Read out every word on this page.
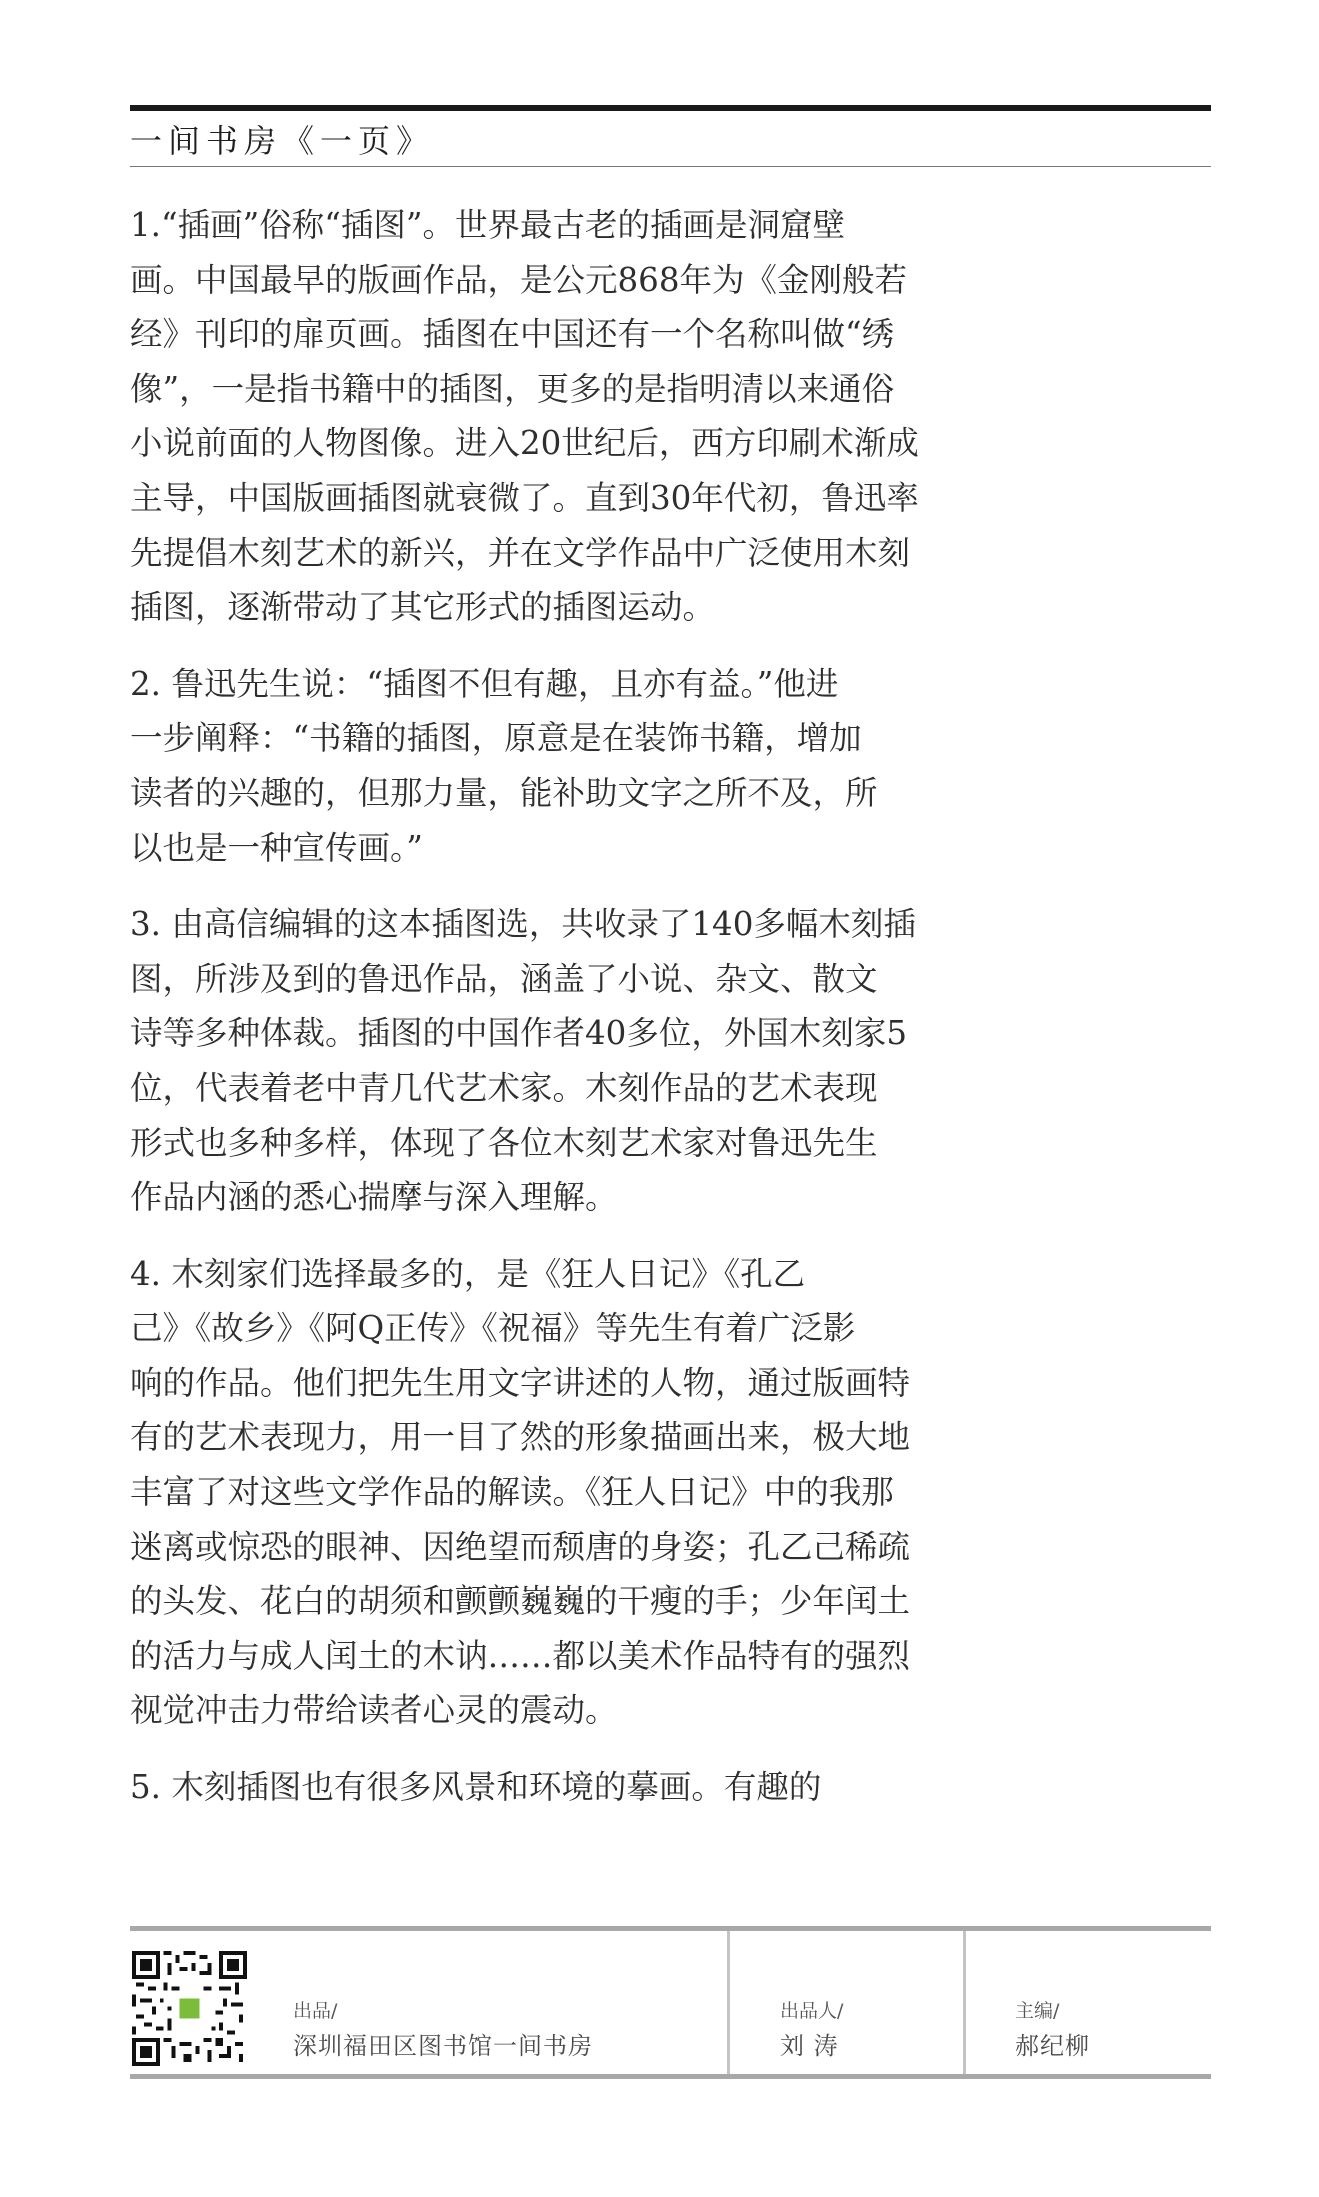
一间书房《一页》

1.“插画”俗称“插图”。世界最古老的插画是洞窟壁
画。中国最早的版画作品，是公元868年为《金刚般若
经》刊印的扉页画。插图在中国还有一个名称叫做“绣
像”，一是指书籍中的插图，更多的是指明清以来通俗
小说前面的人物图像。进入20世纪后，西方印刷术渐成
主导，中国版画插图就衰微了。直到30年代初，鲁迅率
先提倡木刻艺术的新兴，并在文学作品中广泛使用木刻
插图，逐渐带动了其它形式的插图运动。

2. 鲁迅先生说：“插图不但有趣，且亦有益。”他进
一步阐释：“书籍的插图，原意是在装饰书籍，增加
读者的兴趣的，但那力量，能补助文字之所不及，所
以也是一种宣传画。”

3. 由高信编辑的这本插图选，共收录了140多幅木刻插
图，所涉及到的鲁迅作品，涵盖了小说、杂文、散文
诗等多种体裁。插图的中国作者40多位，外国木刻家5
位，代表着老中青几代艺术家。木刻作品的艺术表现
形式也多种多样，体现了各位木刻艺术家对鲁迅先生
作品内涵的悉心揣摩与深入理解。

4. 木刻家们选择最多的，是《狂人日记》《孔乙
己》《故乡》《阿Q正传》《祝福》等先生有着广泛影
响的作品。他们把先生用文字讲述的人物，通过版画特
有的艺术表现力，用一目了然的形象描画出来，极大地
丰富了对这些文学作品的解读。《狂人日记》中的我那
迷离或惊恐的眼神、因绝望而颓唐的身姿；孔乙己稀疏
的头发、花白的胡须和颤颤巍巍的干瘦的手；少年闰土
的活力与成人闰土的木讷……都以美术作品特有的强烈
视觉冲击力带给读者心灵的震动。

5. 木刻插图也有很多风景和环境的摹画。有趣的

出品/
深圳福田区图书馆一间书房
出品人/
刘 涛
主编/
郝纪柳
